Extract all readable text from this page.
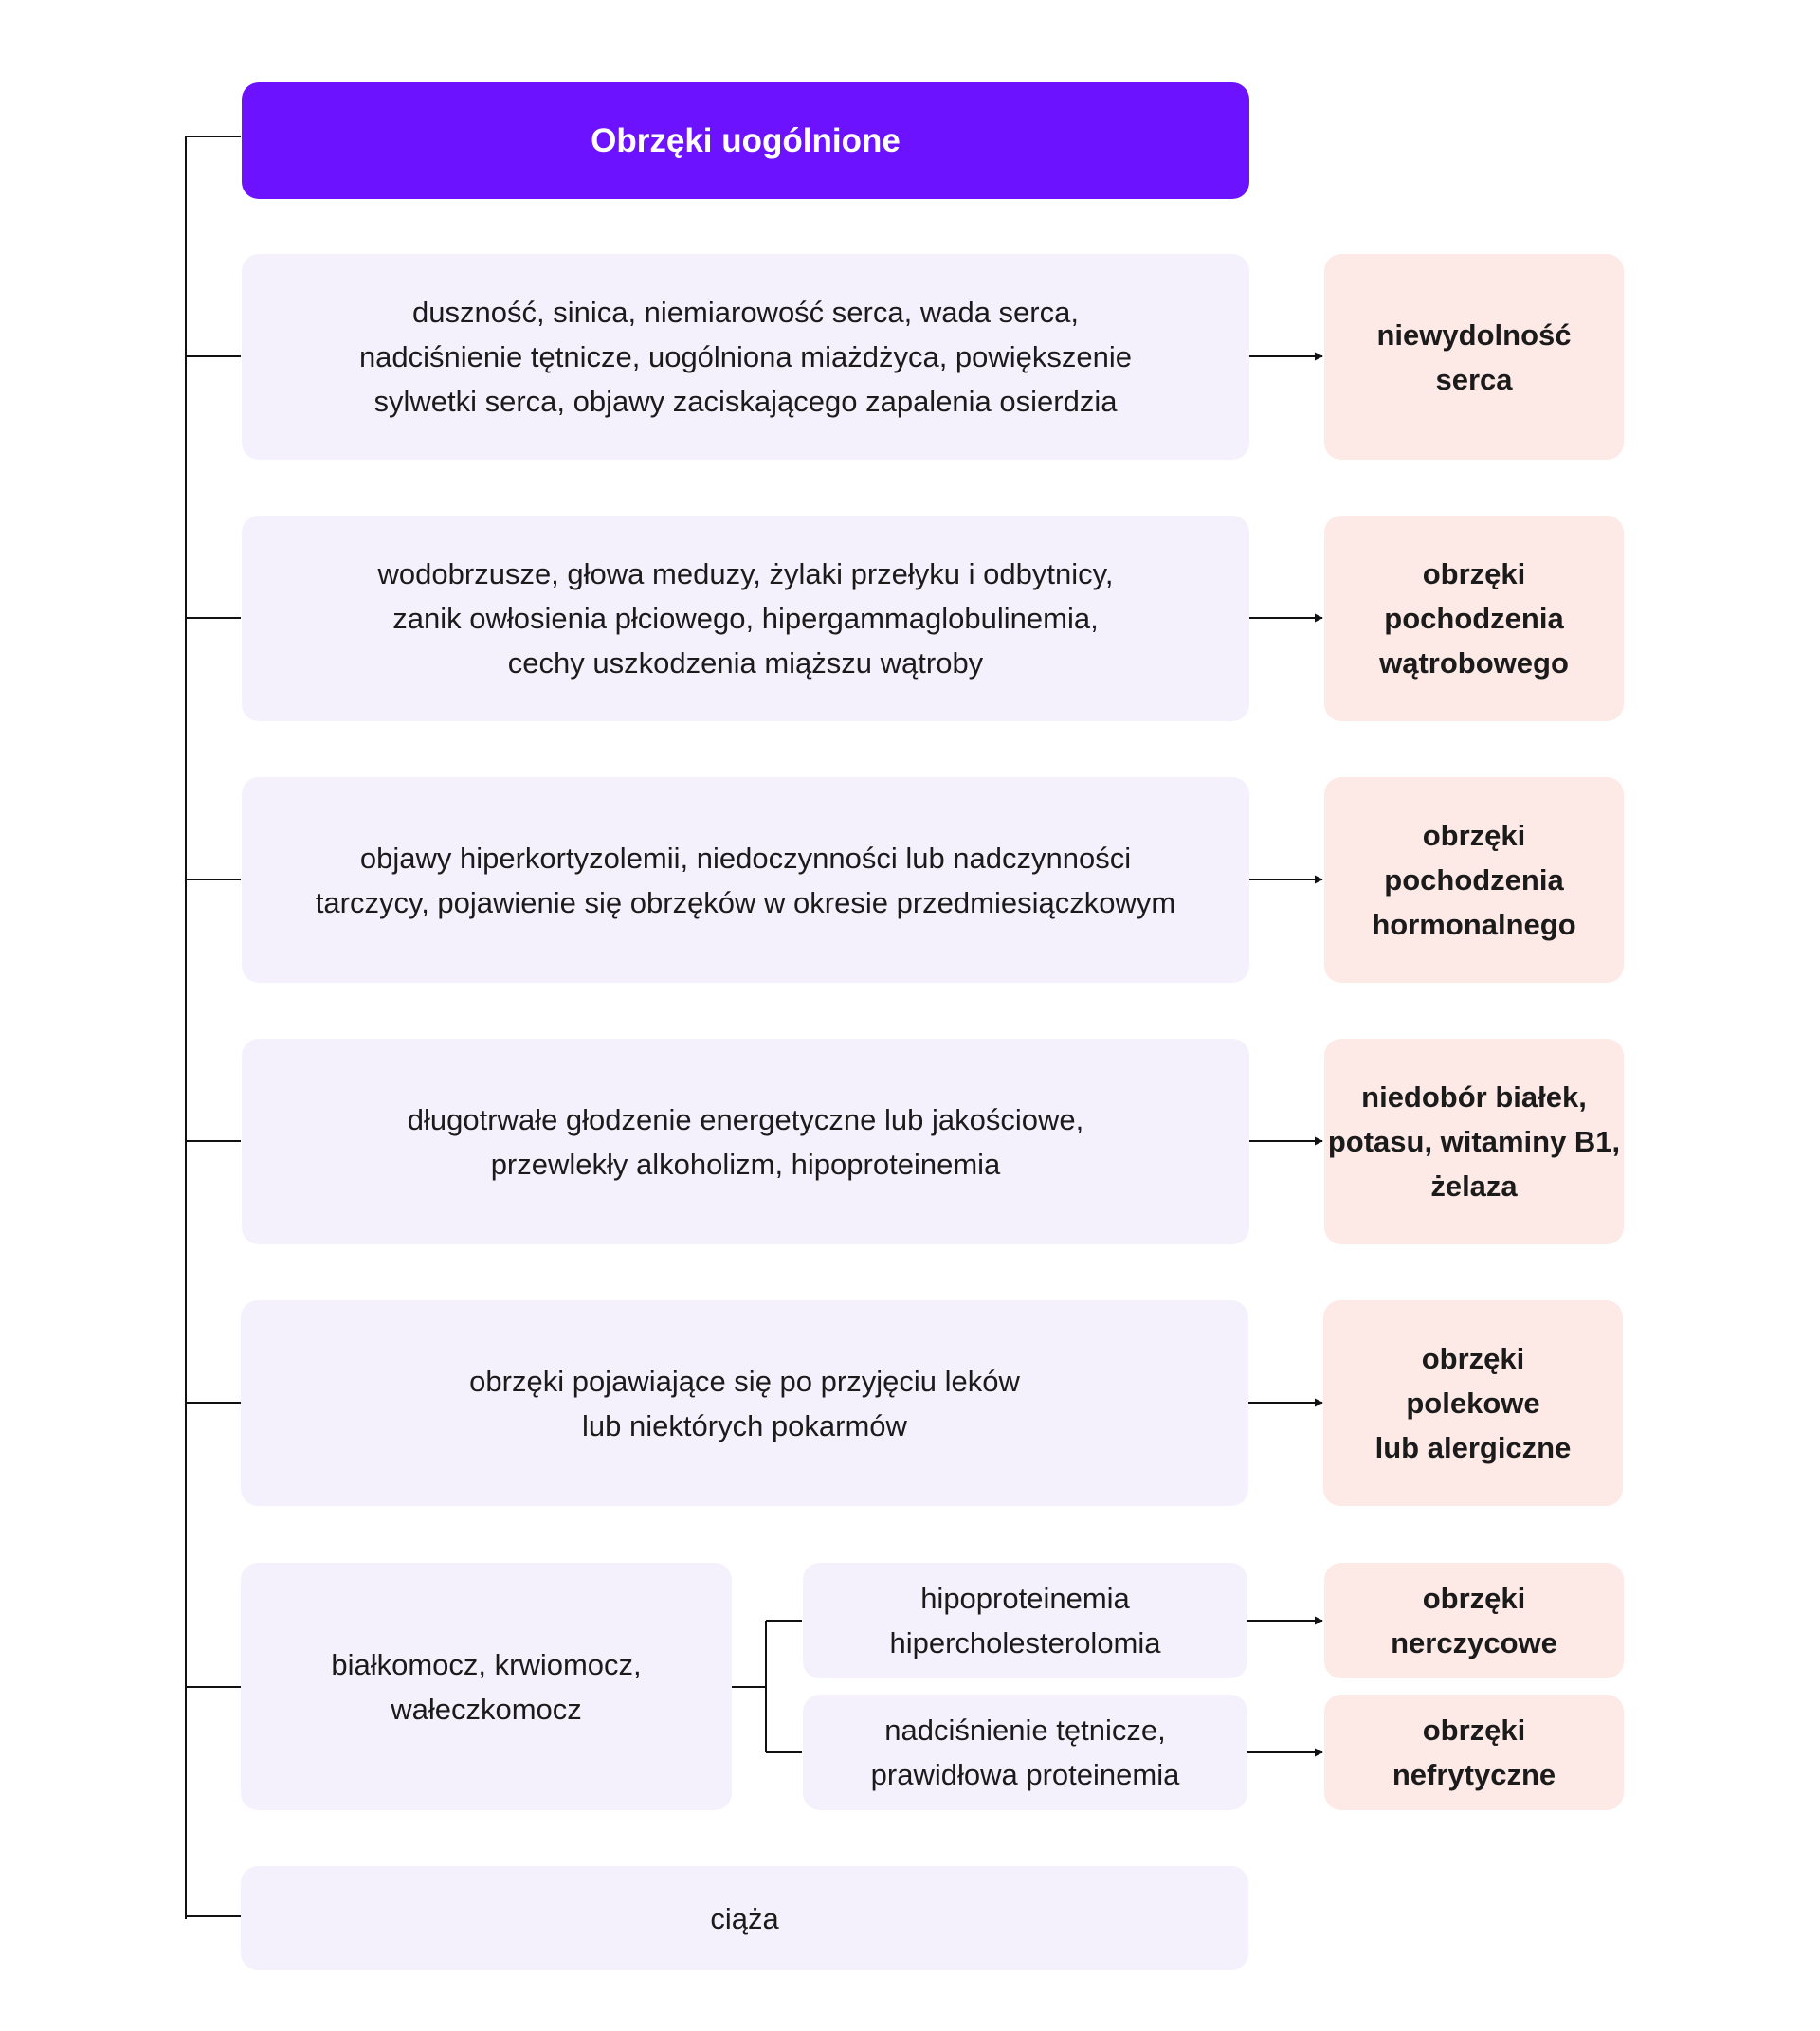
Obrzęki uogólnione
duszność, sinica, niemiarowość serca, wada serca,
nadciśnienie tętnicze, uogólniona miażdżyca, powiększenie
sylwetki serca, objawy zaciskającego zapalenia osierdzia
niewydolność
serca
wodobrzusze, głowa meduzy, żylaki przełyku i odbytnicy,
zanik owłosienia płciowego, hipergammaglobulinemia,
cechy uszkodzenia miąższu wątroby
obrzęki
pochodzenia
wątrobowego
objawy hiperkortyzolemii, niedoczynności lub nadczynności
tarczycy, pojawienie się obrzęków w okresie przedmiesiączkowym
obrzęki
pochodzenia
hormonalnego
długotrwałe głodzenie energetyczne lub jakościowe,
przewlekły alkoholizm, hipoproteinemia
niedobór białek,
potasu, witaminy B1,
żelaza
obrzęki pojawiające się po przyjęciu leków
lub niektórych pokarmów
obrzęki
polekowe
lub alergiczne
białkomocz, krwiomocz,
wałeczkomocz
hipoproteinemia
hipercholesterolomia
obrzęki
nerczycowe
nadciśnienie tętnicze,
prawidłowa proteinemia
obrzęki
nefrytyczne
ciąża
